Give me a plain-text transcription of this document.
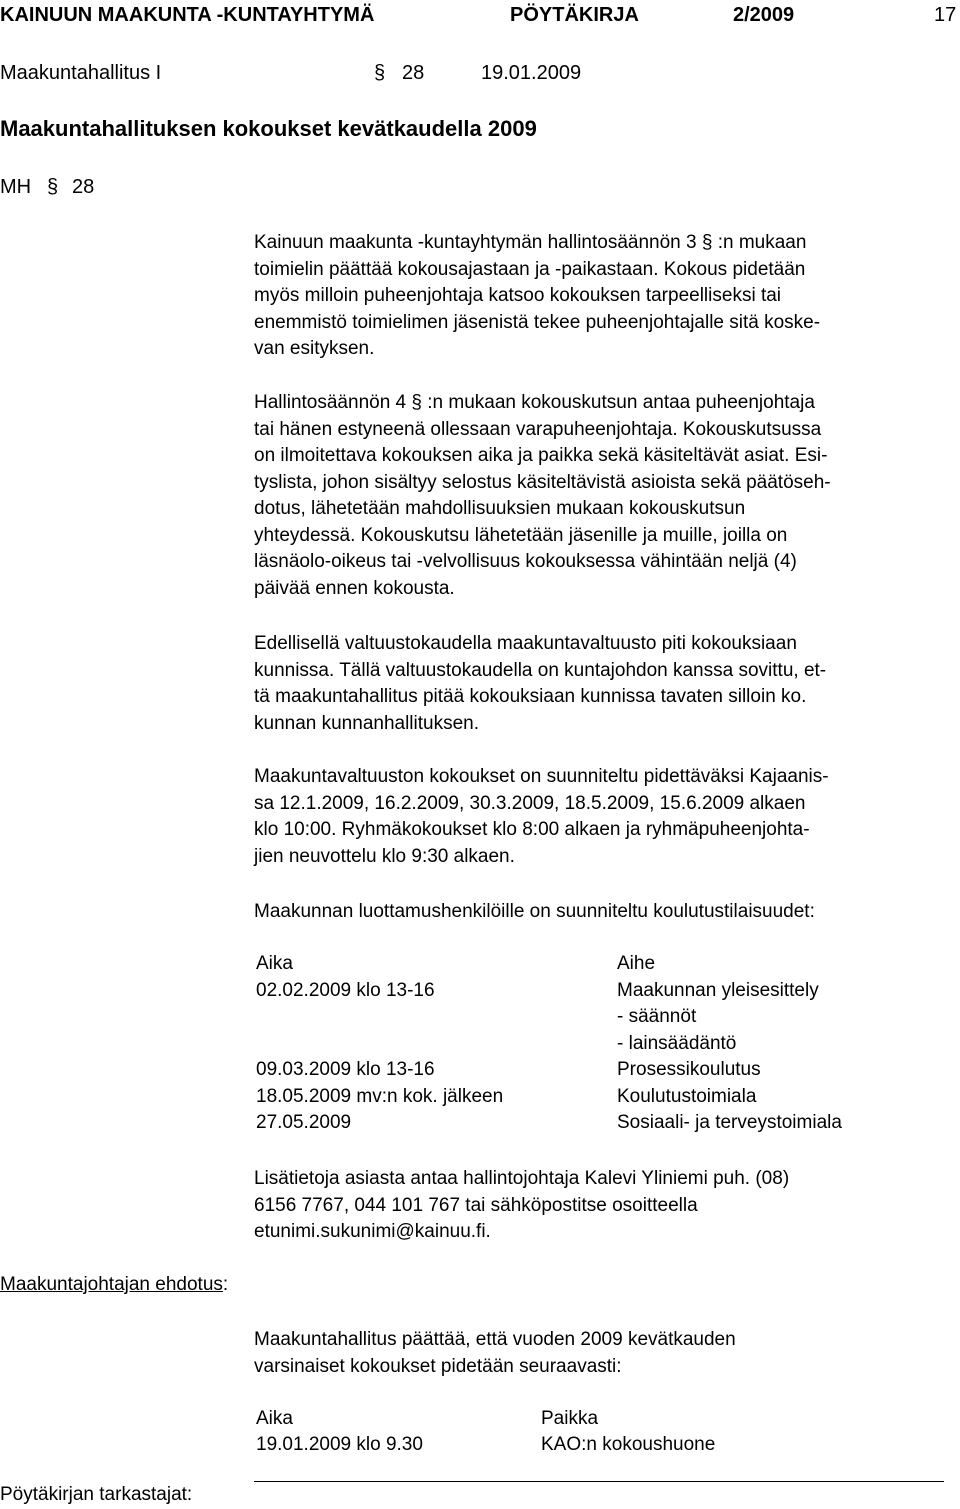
KAINUUN MAAKUNTA -KUNTAYHTYMÄ	PÖYTÄKIRJA	2/2009	17
Maakuntahallitus I	§ 28	19.01.2009
Maakuntahallituksen kokoukset kevätkaudella 2009
MH § 28
Kainuun maakunta -kuntayhtymän hallintosäännön 3 § :n mukaan
toimielin päättää kokousajastaan ja -paikastaan. Kokous pidetään
myös milloin puheenjohtaja katsoo kokouksen tarpeelliseksi tai
enemmistö toimielimen jäsenistä tekee puheenjohtajalle sitä koske-
van esityksen.
Hallintosäännön 4 § :n mukaan kokouskutsun antaa puheenjohtaja
tai hänen estyneenä ollessaan varapuheenjohtaja. Kokouskutsussa
on ilmoitettava kokouksen aika ja paikka sekä käsiteltävät asiat. Esi-
tyslista, johon sisältyy selostus käsiteltävistä asioista sekä päätöseh-
dotus, lähetetään mahdollisuuksien mukaan kokouskutsun
yhteydessä. Kokouskutsu lähetetään jäsenille ja muille, joilla on
läsnäolo-oikeus tai -velvollisuus kokouksessa vähintään neljä (4)
päivää ennen kokousta.
Edellisellä valtuustokaudella maakuntavaltuusto piti kokouksiaan
kunnissa. Tällä valtuustokaudella on kuntajohdon kanssa sovittu, et-
tä maakuntahallitus pitää kokouksiaan kunnissa tavaten silloin ko.
kunnan kunnanhallituksen.
Maakuntavaltuuston kokoukset on suunniteltu pidettäväksi Kajaanis-
sa 12.1.2009, 16.2.2009, 30.3.2009, 18.5.2009, 15.6.2009 alkaen
klo 10:00. Ryhmäkokoukset klo 8:00 alkaen ja ryhmäpuheenjohta-
jien neuvottelu klo 9:30 alkaen.
Maakunnan luottamushenkilöille on suunniteltu koulutustilaisuudet:
Aika	Aihe
02.02.2009 klo 13-16	Maakunnan yleisesittely
- säännöt
- lainsäädäntö
09.03.2009 klo 13-16	Prosessikoulutus
18.05.2009 mv:n kok. jälkeen	Koulutustoimiala
27.05.2009	Sosiaali- ja terveystoimiala
Lisätietoja asiasta antaa hallintojohtaja Kalevi Yliniemi puh. (08)
6156 7767, 044 101 767 tai sähköpostitse osoitteella
etunimi.sukunimi@kainuu.fi.
Maakuntajohtajan ehdotus:
Maakuntahallitus päättää, että vuoden 2009 kevätkauden
varsinaiset kokoukset pidetään seuraavasti:
Aika	Paikka
19.01.2009 klo 9.30	KAO:n kokoushuone
Pöytäkirjan tarkastajat:
